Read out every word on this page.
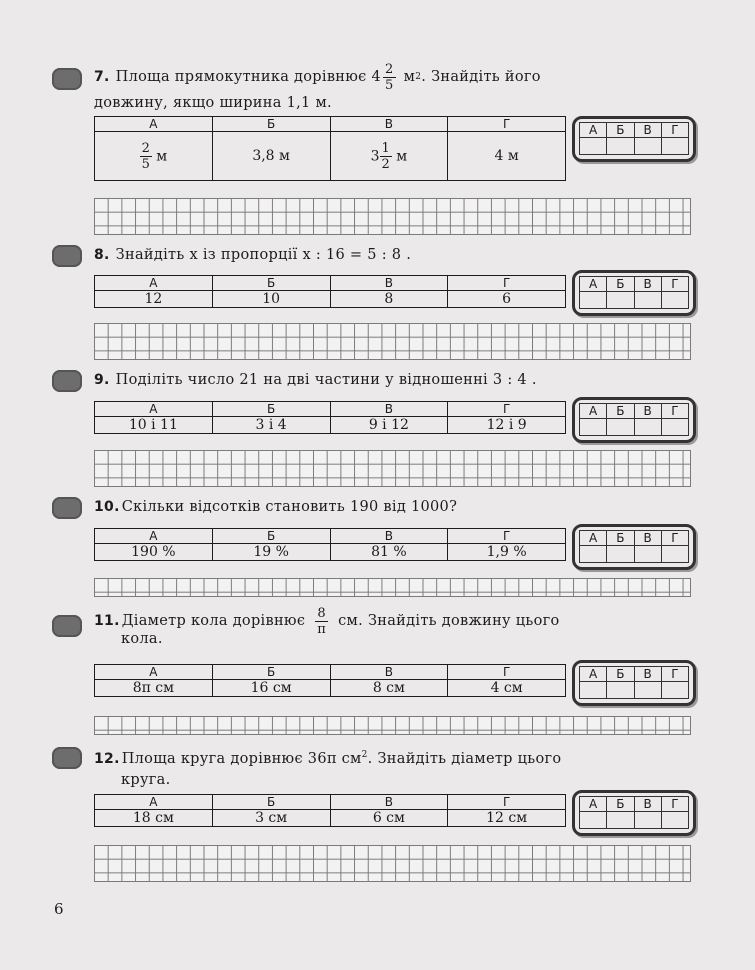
7. Площа прямокутника дорівнює $4 \frac{2}{5}$ м 2 . Знайдіть його
довжину, якщо ширина 1,1 м.
А	Б	В	Г

$\frac{2}{5}$ м	3,8 м	$3 \frac{1}{2}$ м	4 м
А	Б	В	Г

8. Знайдіть x із пропорції x : 16 = 5 : 8 .
А	Б	В	Г
12	10	8	6
А	Б	В	Г

9. Поділіть число 21 на дві частини у відношенні 3 : 4 .
А	Б	В	Г
10 і 11	3 і 4	9 і 12	12 і 9
А	Б	В	Г

10. Скільки відсотків становить 190 від 1000?
А	Б	В	Г
190 %	19 %	81 %	1,9 %
А	Б	В	Г

11. Діаметр кола дорівнює $\frac{8}{\pi}$ см. Знайдіть довжину цього
кола.
А	Б	В	Г
8π см	16 см	8 см	4 см
А	Б	В	Г

12. Площа круга дорівнює 36π $см^2$. Знайдіть діаметр цього
круга.
А	Б	В	Г
18 см	3 см	6 см	12 см
А	Б	В	Г

6
